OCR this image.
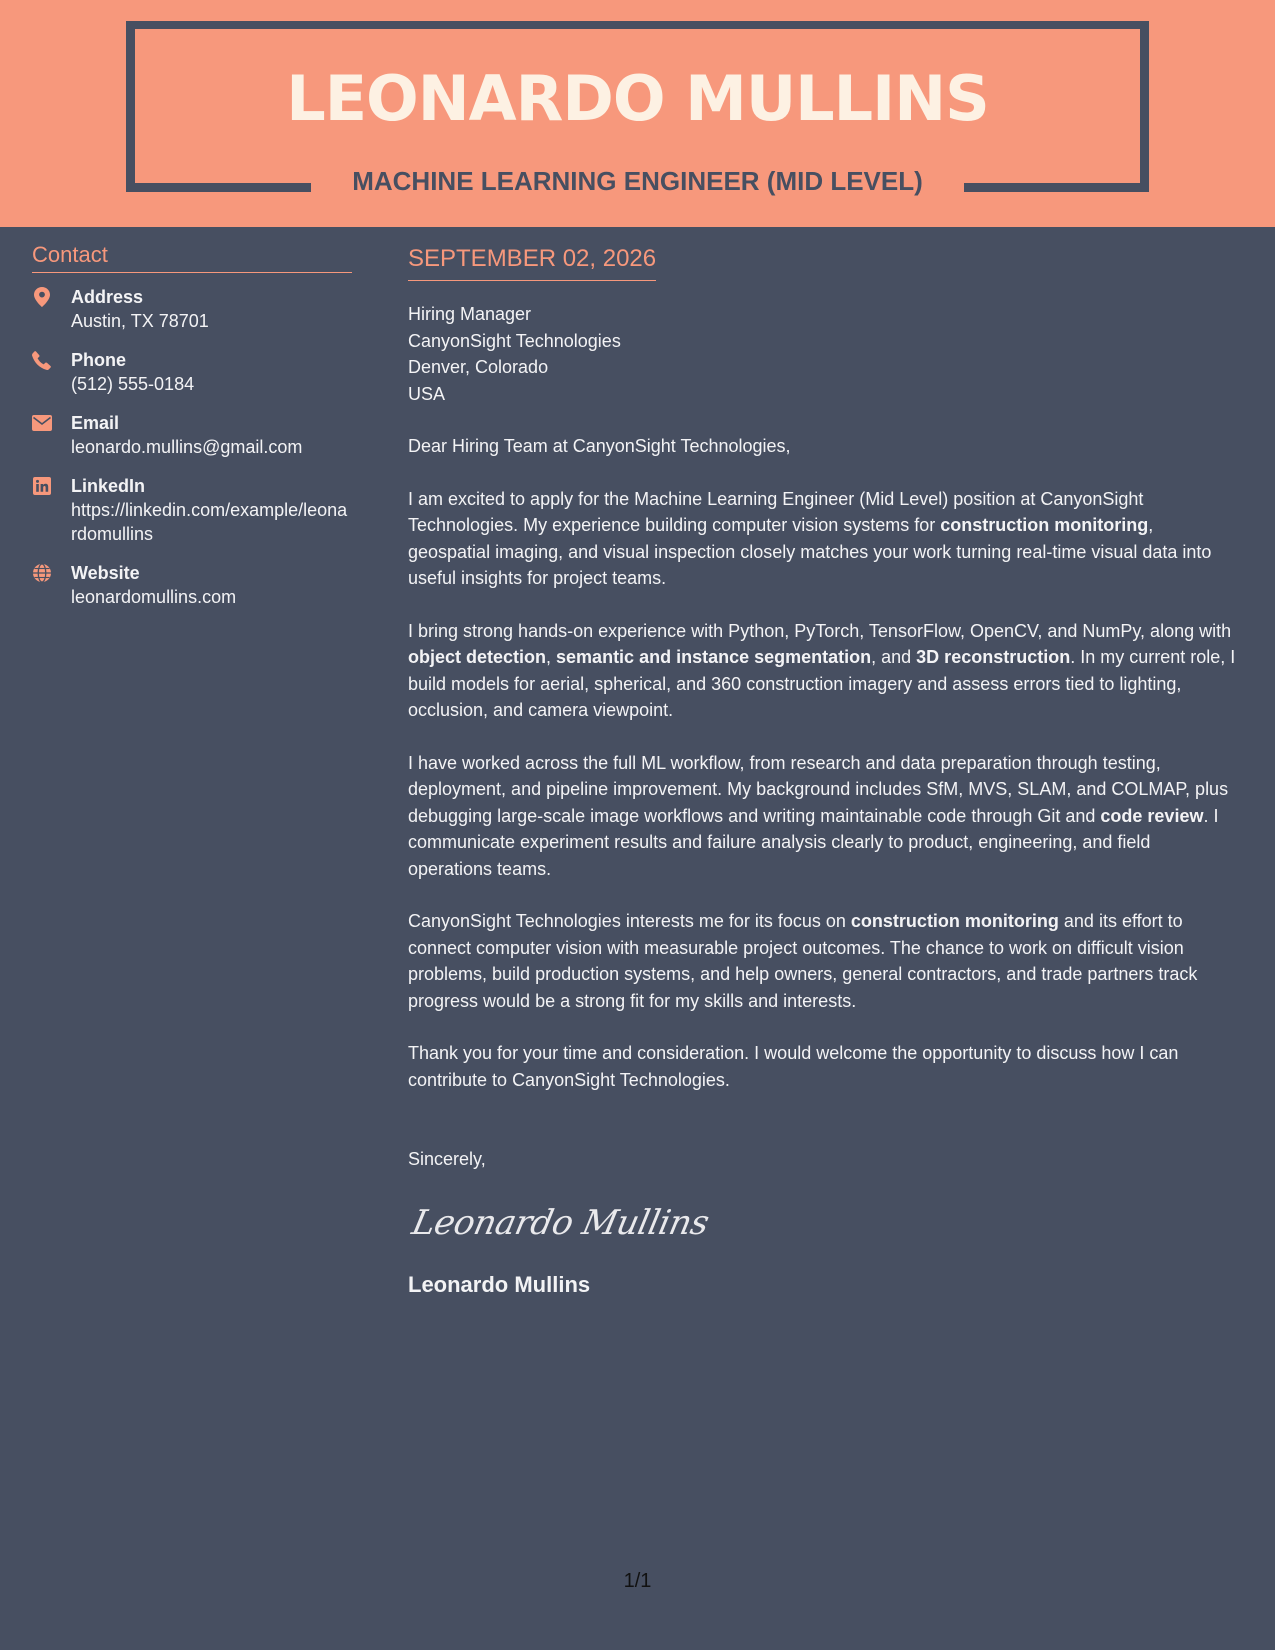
LEONARDO MULLINS
MACHINE LEARNING ENGINEER (MID LEVEL)
Contact
Address
Austin, TX 78701
Phone
(512) 555-0184
Email
leonardo.mullins@gmail.com
LinkedIn
https://linkedin.com/example/leonardomullins
Website
leonardomullins.com
SEPTEMBER 02, 2026
Hiring Manager
CanyonSight Technologies
Denver, Colorado
USA
Dear Hiring Team at CanyonSight Technologies,
I am excited to apply for the Machine Learning Engineer (Mid Level) position at CanyonSight Technologies. My experience building computer vision systems for construction monitoring, geospatial imaging, and visual inspection closely matches your work turning real-time visual data into useful insights for project teams.
I bring strong hands-on experience with Python, PyTorch, TensorFlow, OpenCV, and NumPy, along with object detection, semantic and instance segmentation, and 3D reconstruction. In my current role, I build models for aerial, spherical, and 360 construction imagery and assess errors tied to lighting, occlusion, and camera viewpoint.
I have worked across the full ML workflow, from research and data preparation through testing, deployment, and pipeline improvement. My background includes SfM, MVS, SLAM, and COLMAP, plus debugging large-scale image workflows and writing maintainable code through Git and code review. I communicate experiment results and failure analysis clearly to product, engineering, and field operations teams.
CanyonSight Technologies interests me for its focus on construction monitoring and its effort to connect computer vision with measurable project outcomes. The chance to work on difficult vision problems, build production systems, and help owners, general contractors, and trade partners track progress would be a strong fit for my skills and interests.
Thank you for your time and consideration. I would welcome the opportunity to discuss how I can contribute to CanyonSight Technologies.
Sincerely,
Leonardo Mullins
Leonardo Mullins
1/1
